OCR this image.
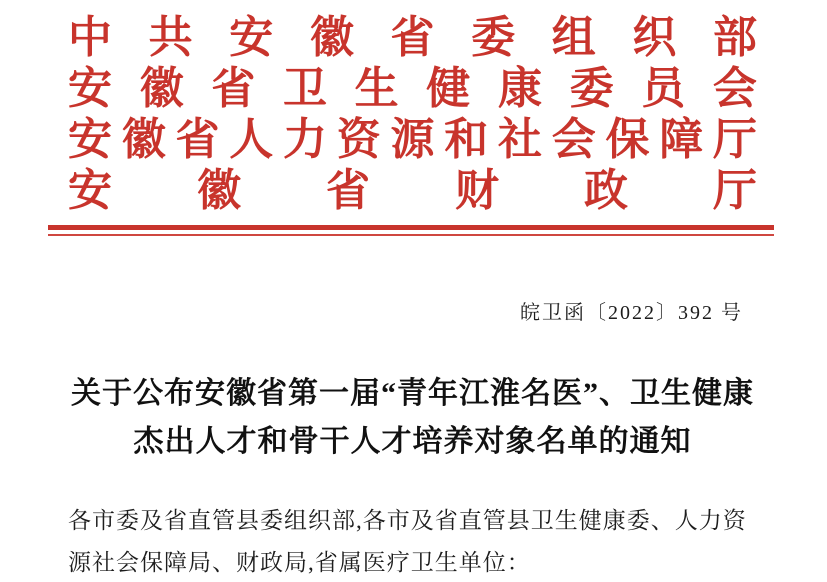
中 共 安 徽 省 委 组 织 部
安 徽 省 卫 生 健 康 委 员 会
安 徽 省 人 力 资 源 和 社 会 保 障 厅
安 徽 省 财 政 厅
皖卫函〔2022〕392 号
关于公布安徽省第一届“青年江淮名医”、卫生健康
杰出人才和骨干人才培养对象名单的通知
各市委及省直管县委组织部,各市及省直管县卫生健康委、人力资
源社会保障局、财政局,省属医疗卫生单位：
